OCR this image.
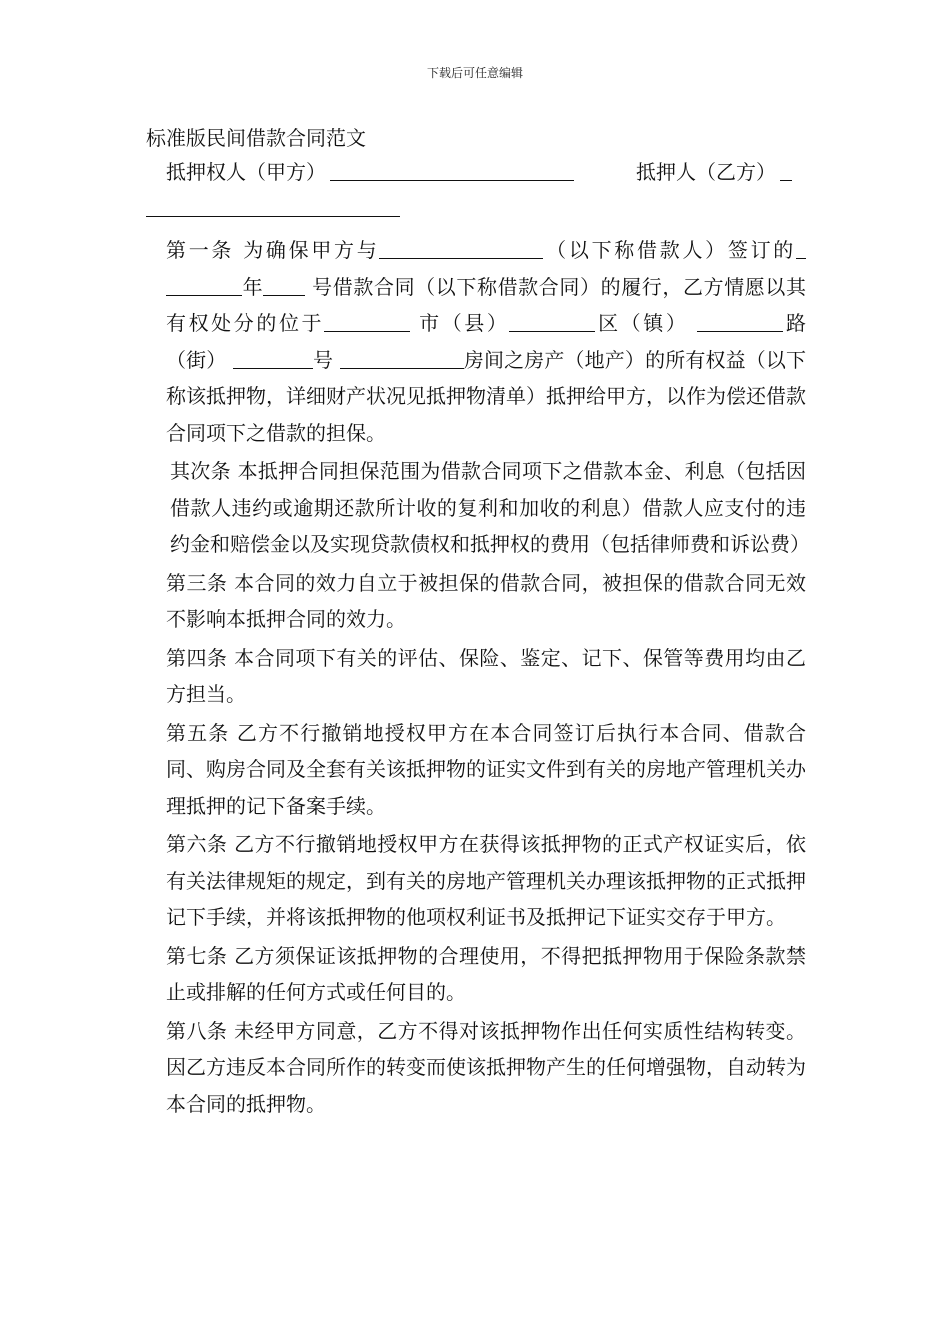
下载后可任意编辑
标准版民间借款合同范文
抵押权人（甲方）	抵押人（乙方）

第一条 为确保甲方与	（以下称借款人）签订的年 号借款合同（以下称借款合同）的履行，乙方情愿以其有权处分的位于	市（县）	区（镇）	路（街）	号	房间之房产（地产）的所有权益（以下称该抵押物，详细财产状况见抵押物清单）抵押给甲方，以作为偿还借款合同项下之借款的担保。

其次条 本抵押合同担保范围为借款合同项下之借款本金、利息（包括因借款人违约或逾期还款所计收的复利和加收的利息）借款人应支付的违约金和赔偿金以及实现贷款债权和抵押权的费用（包括律师费和诉讼费）

第三条 本合同的效力自立于被担保的借款合同，被担保的借款合同无效不影响本抵押合同的效力。

第四条 本合同项下有关的评估、保险、鉴定、记下、保管等费用均由乙方担当。

第五条 乙方不行撤销地授权甲方在本合同签订后执行本合同、借款合同、购房合同及全套有关该抵押物的证实文件到有关的房地产管理机关办理抵押的记下备案手续。

第六条 乙方不行撤销地授权甲方在获得该抵押物的正式产权证实后，依有关法律规矩的规定，到有关的房地产管理机关办理该抵押物的正式抵押记下手续，并将该抵押物的他项权利证书及抵押记下证实交存于甲方。

第七条 乙方须保证该抵押物的合理使用，不得把抵押物用于保险条款禁止或排解的任何方式或任何目的。

第八条 未经甲方同意，乙方不得对该抵押物作出任何实质性结构转变。因乙方违反本合同所作的转变而使该抵押物产生的任何增强物，自动转为本合同的抵押物。
